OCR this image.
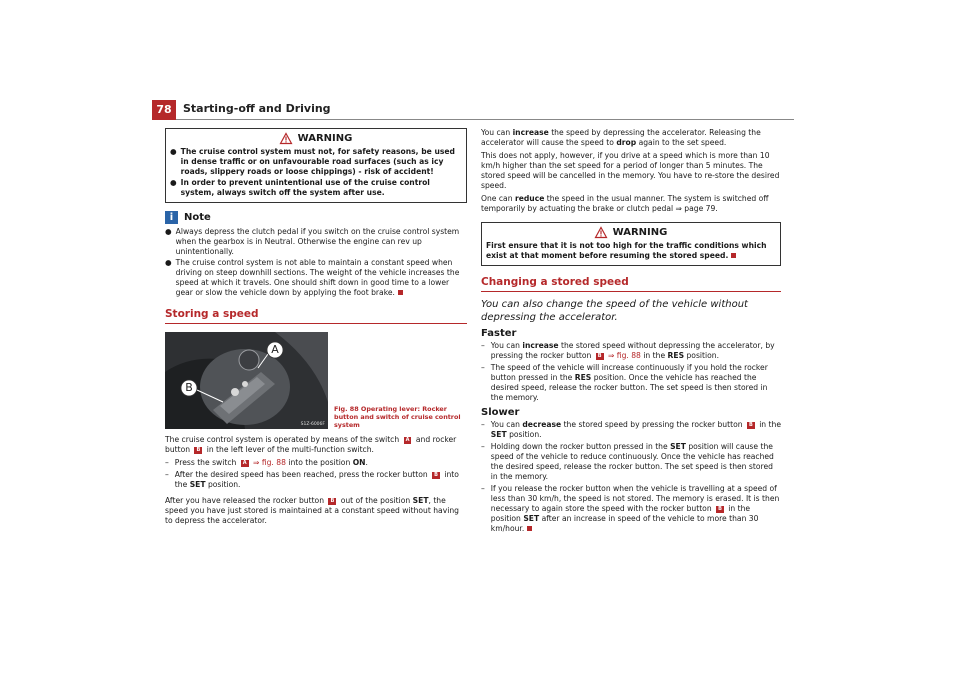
78	Starting-off and Driving
WARNING
● The cruise control system must not, for safety reasons, be used in dense traffic or on unfavourable road surfaces (such as icy roads, slippery roads or loose chippings) - risk of accident!
● In order to prevent unintentional use of the cruise control system, always switch off the system after use.
i	Note
● Always depress the clutch pedal if you switch on the cruise control system when the gearbox is in Neutral. Otherwise the engine can rev up unintentionally.
● The cruise control system is not able to maintain a constant speed when driving on steep downhill sections. The weight of the vehicle increases the speed at which it travels. One should shift down in good time to a lower gear or slow the vehicle down by applying the foot brake.
Storing a speed
A
B
S1Z-6006F
Fig. 88 Operating lever: Rocker button and switch of cruise control system

The cruise control system is operated by means of the switch A and rocker button B in the left lever of the multi-function switch.

– Press the switch A ⇒ fig. 88 into the position ON.
– After the desired speed has been reached, press the rocker button B into the SET position.

After you have released the rocker button B out of the position SET, the speed you have just stored is maintained at a constant speed without having to depress the accelerator.

You can increase the speed by depressing the accelerator. Releasing the accelerator will cause the speed to drop again to the set speed.

This does not apply, however, if you drive at a speed which is more than 10 km/h higher than the set speed for a period of longer than 5 minutes. The stored speed will be cancelled in the memory. You have to re-store the desired speed.

One can reduce the speed in the usual manner. The system is switched off temporarily by actuating the brake or clutch pedal ⇒ page 79.

WARNING
First ensure that it is not too high for the traffic conditions which exist at that moment before resuming the stored speed.
Changing a stored speed
You can also change the speed of the vehicle without depressing the accelerator.
Faster
– You can increase the stored speed without depressing the accelerator, by pressing the rocker button B ⇒ fig. 88 in the RES position.
– The speed of the vehicle will increase continuously if you hold the rocker button pressed in the RES position. Once the vehicle has reached the desired speed, release the rocker button. The set speed is then stored in the memory.
Slower
– You can decrease the stored speed by pressing the rocker button B in the SET position.
– Holding down the rocker button pressed in the SET position will cause the speed of the vehicle to reduce continuously. Once the vehicle has reached the desired speed, release the rocker button. The set speed is then stored in the memory.
– If you release the rocker button when the vehicle is travelling at a speed of less than 30 km/h, the speed is not stored. The memory is erased. It is then necessary to again store the speed with the rocker button B in the position SET after an increase in speed of the vehicle to more than 30 km/hour.
